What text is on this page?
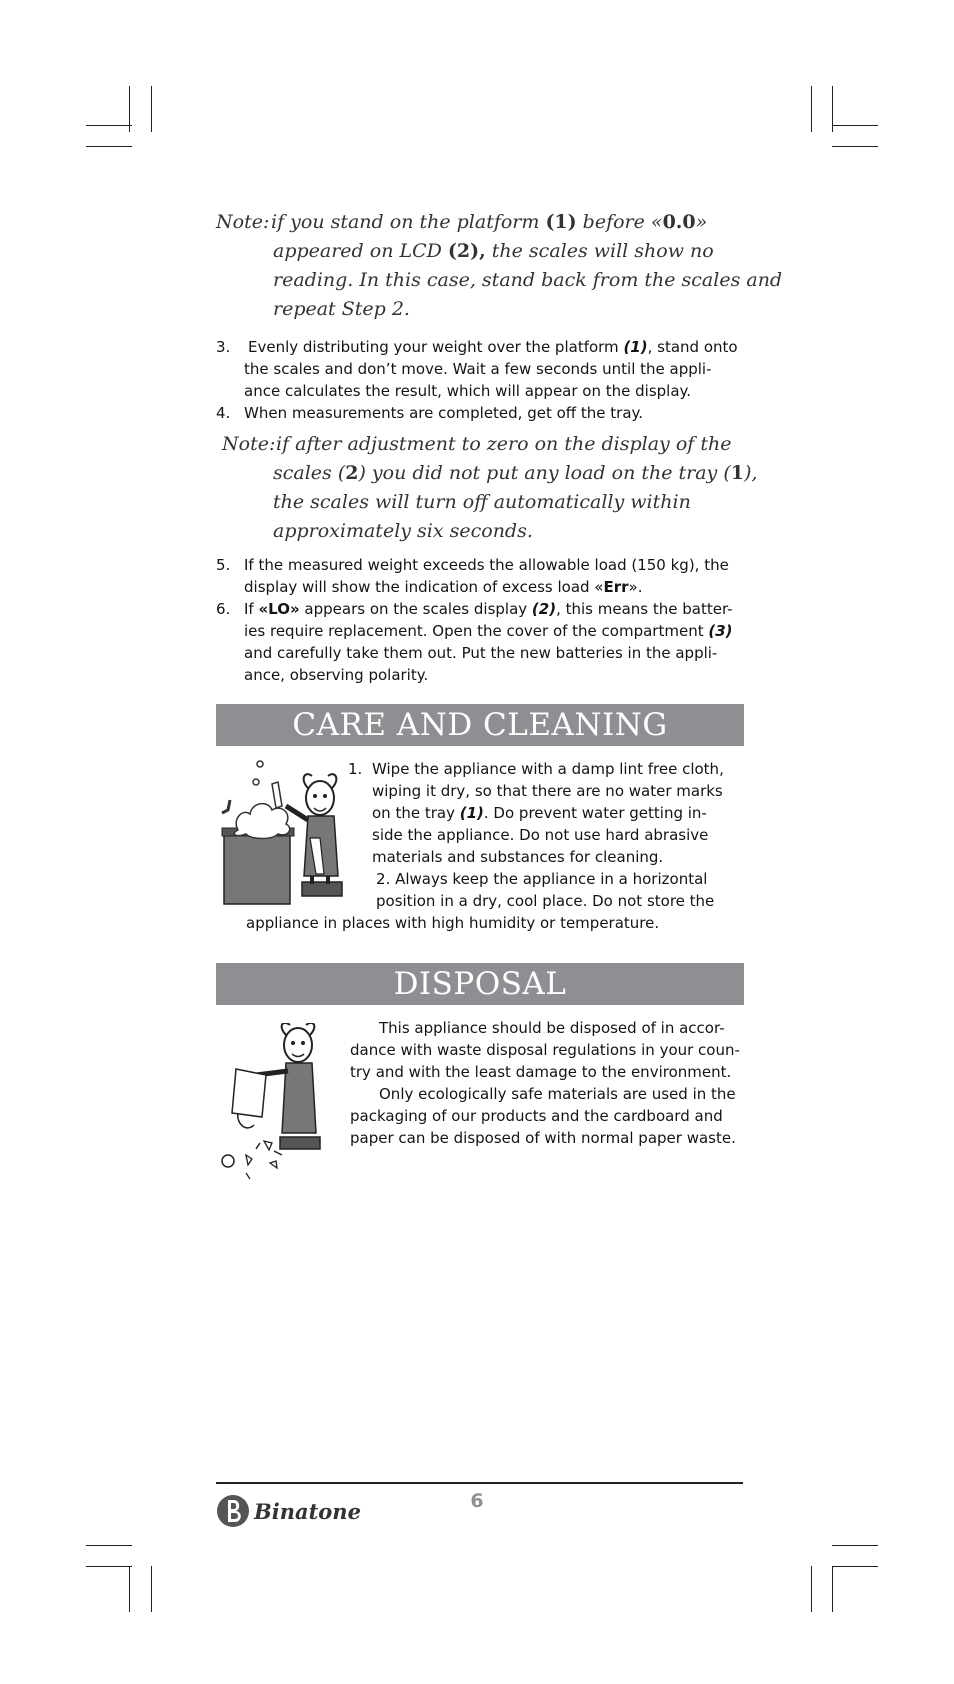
Note: if you stand on the platform (1) before «0.0»
appeared on LCD (2), the scales will show no
reading. In this case, stand back from the scales and
repeat Step 2.
3. Evenly distributing your weight over the platform (1), stand onto
the scales and don’t move. Wait a few seconds until the appli-
ance calculates the result, which will appear on the display.
4. When measurements are completed, get off the tray.
Note: if after adjustment to zero on the display of the
scales (2) you did not put any load on the tray (1),
the scales will turn off automatically within
approximately six seconds.
5. If the measured weight exceeds the allowable load (150 kg), the
display will show the indication of excess load «Err».
6. If «LO» appears on the scales display (2), this means the batter-
ies require replacement. Open the cover of the compartment (3)
and carefully take them out. Put the new batteries in the appli-
ance, observing polarity.
CARE AND CLEANING
1. Wipe the appliance with a damp lint free cloth,
wiping it dry, so that there are no water marks
on the tray (1). Do prevent water getting in-
side the appliance. Do not use hard abrasive
materials and substances for cleaning.
2. Always keep the appliance in a horizontal
position in a dry, cool place. Do not store the
appliance in places with high humidity or temperature.
DISPOSAL
This appliance should be disposed of in accor-
dance with waste disposal regulations in your coun-
try and with the least damage to the environment.
Only ecologically safe materials are used in the
packaging of our products and the cardboard and
paper can be disposed of with normal paper waste.
Binatone	6
